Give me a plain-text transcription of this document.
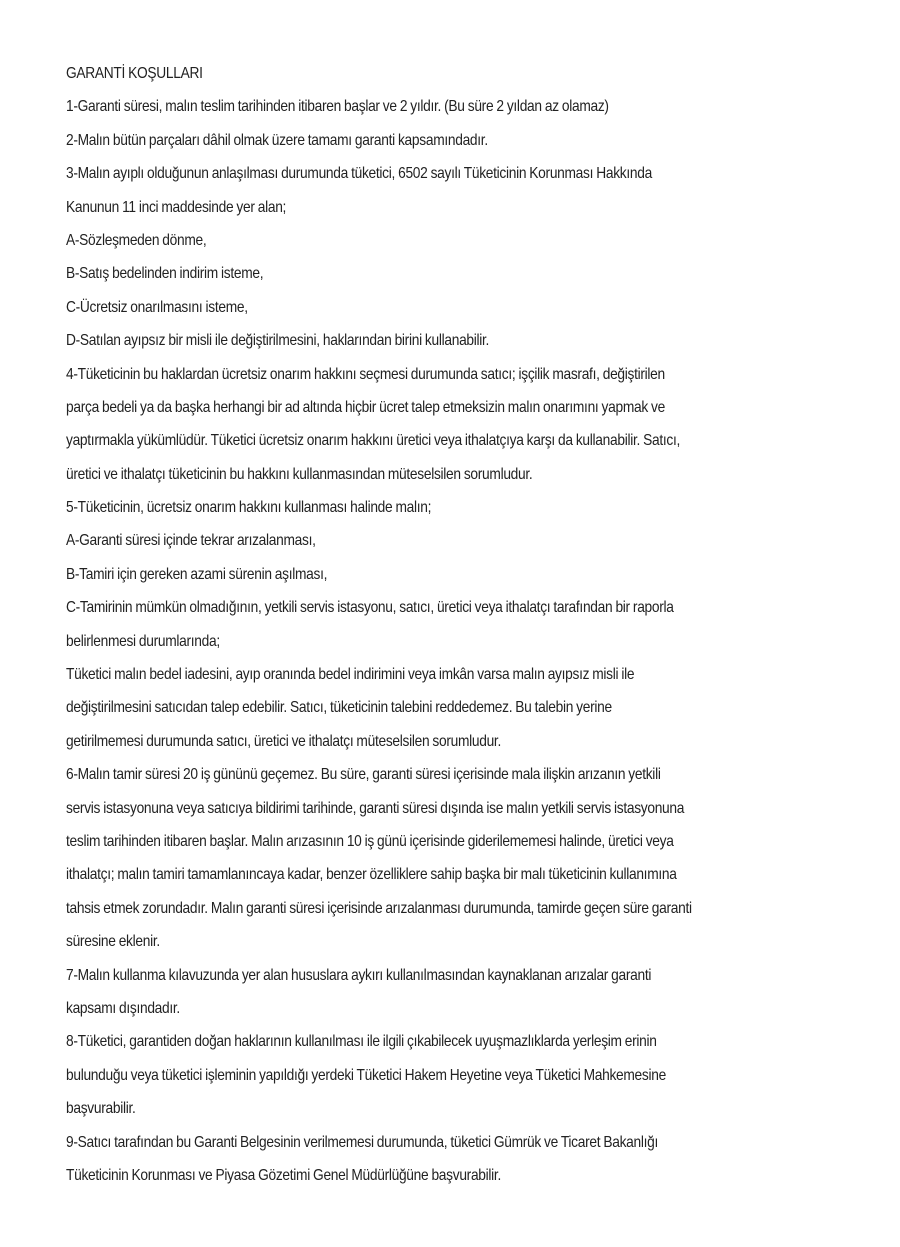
GARANTİ KOŞULLARI
1-Garanti süresi, malın teslim tarihinden itibaren başlar ve 2 yıldır. (Bu süre 2 yıldan az olamaz)
2-Malın bütün parçaları dâhil olmak üzere tamamı garanti kapsamındadır.
3-Malın ayıplı olduğunun anlaşılması durumunda tüketici, 6502 sayılı Tüketicinin Korunması Hakkında
Kanunun 11 inci maddesinde yer alan;
A-Sözleşmeden dönme,
B-Satış bedelinden indirim isteme,
C-Ücretsiz onarılmasını isteme,
D-Satılan ayıpsız bir misli ile değiştirilmesini, haklarından birini kullanabilir.
4-Tüketicinin bu haklardan ücretsiz onarım hakkını seçmesi durumunda satıcı; işçilik masrafı, değiştirilen
parça bedeli ya da başka herhangi bir ad altında hiçbir ücret talep etmeksizin malın onarımını yapmak ve
yaptırmakla yükümlüdür. Tüketici ücretsiz onarım hakkını üretici veya ithalatçıya karşı da kullanabilir. Satıcı,
üretici ve ithalatçı tüketicinin bu hakkını kullanmasından müteselsilen sorumludur.
5-Tüketicinin, ücretsiz onarım hakkını kullanması halinde malın;
A-Garanti süresi içinde tekrar arızalanması,
B-Tamiri için gereken azami sürenin aşılması,
C-Tamirinin mümkün olmadığının, yetkili servis istasyonu, satıcı, üretici veya ithalatçı tarafından bir raporla
belirlenmesi durumlarında;
Tüketici malın bedel iadesini, ayıp oranında bedel indirimini veya imkân varsa malın ayıpsız misli ile
değiştirilmesini satıcıdan talep edebilir. Satıcı, tüketicinin talebini reddedemez. Bu talebin yerine
getirilmemesi durumunda satıcı, üretici ve ithalatçı müteselsilen sorumludur.
6-Malın tamir süresi 20 iş gününü geçemez. Bu süre, garanti süresi içerisinde mala ilişkin arızanın yetkili
servis istasyonuna veya satıcıya bildirimi tarihinde, garanti süresi dışında ise malın yetkili servis istasyonuna
teslim tarihinden itibaren başlar. Malın arızasının 10 iş günü içerisinde giderilememesi halinde, üretici veya
ithalatçı; malın tamiri tamamlanıncaya kadar, benzer özelliklere sahip başka bir malı tüketicinin kullanımına
tahsis etmek zorundadır. Malın garanti süresi içerisinde arızalanması durumunda, tamirde geçen süre garanti
süresine eklenir.
7-Malın kullanma kılavuzunda yer alan hususlara aykırı kullanılmasından kaynaklanan arızalar garanti
kapsamı dışındadır.
8-Tüketici, garantiden doğan haklarının kullanılması ile ilgili çıkabilecek uyuşmazlıklarda yerleşim erinin
bulunduğu veya tüketici işleminin yapıldığı yerdeki Tüketici Hakem Heyetine veya Tüketici Mahkemesine
başvurabilir.
9-Satıcı tarafından bu Garanti Belgesinin verilmemesi durumunda, tüketici Gümrük ve Ticaret Bakanlığı
Tüketicinin Korunması ve Piyasa Gözetimi Genel Müdürlüğüne başvurabilir.
